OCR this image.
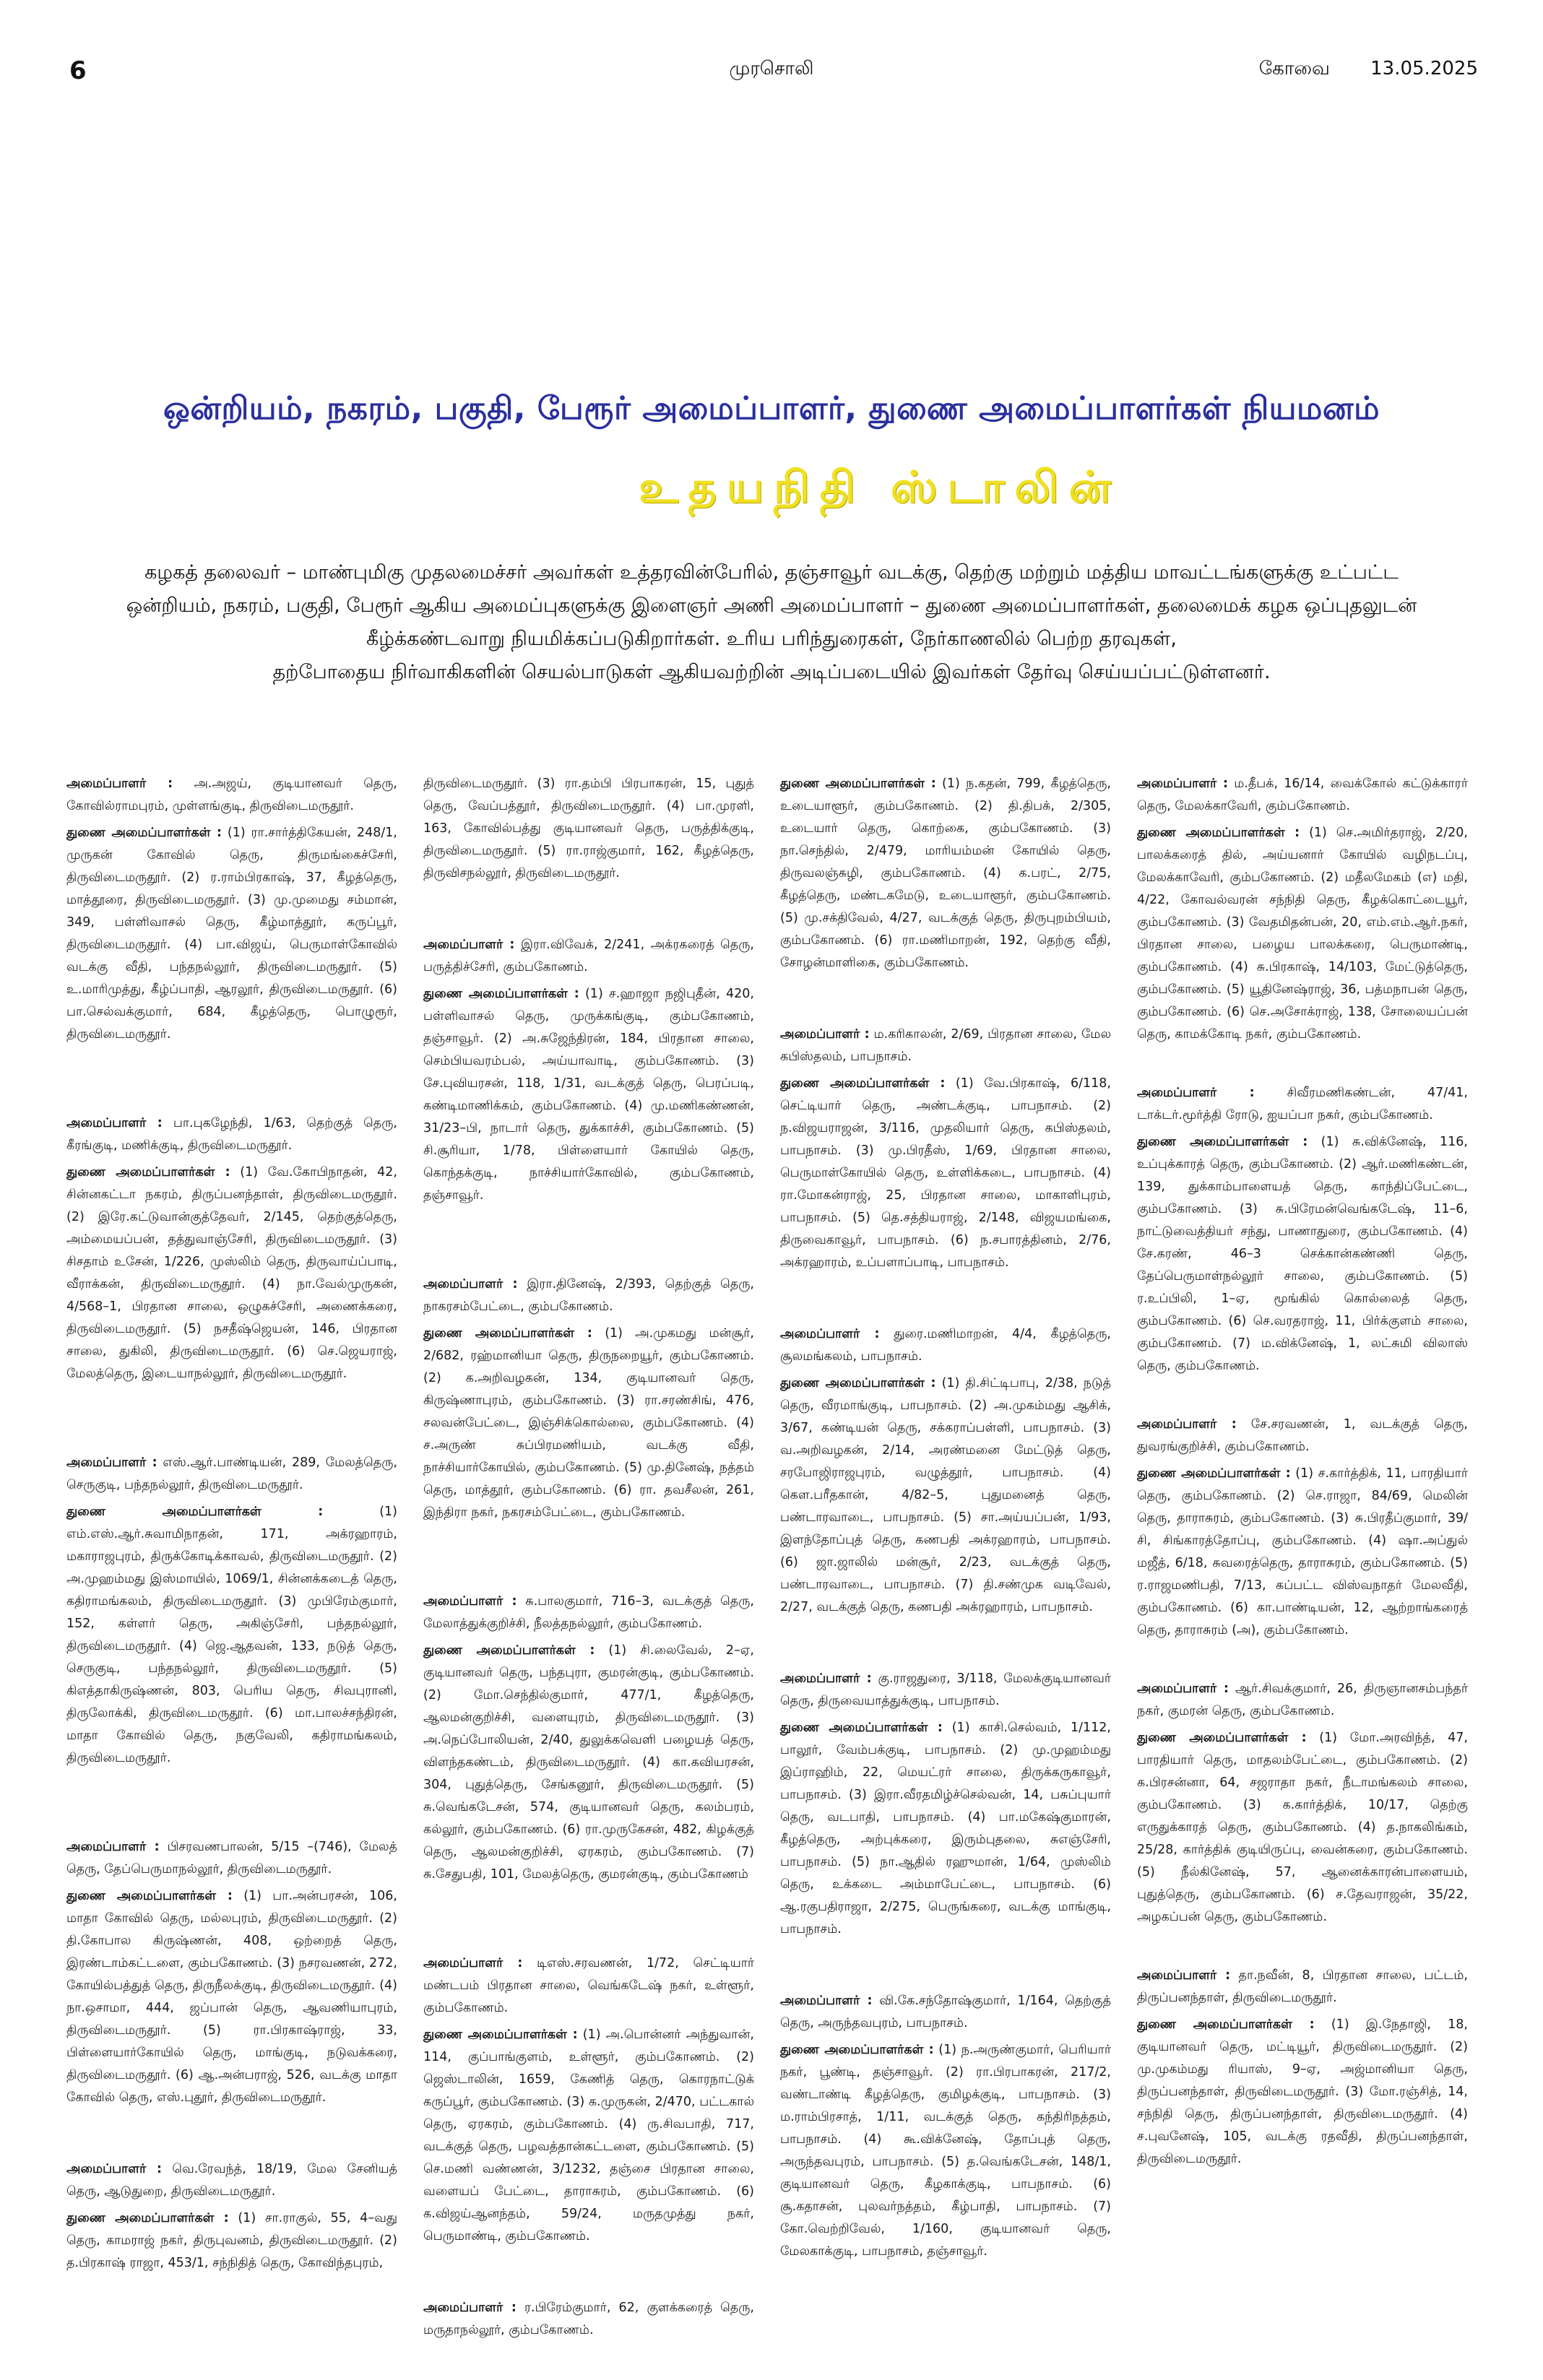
6	முரசொலி	கோவை 13.05.2025
ஒன்றியம், நகரம், பகுதி, பேரூர் அமைப்பாளர், துணை அமைப்பாளர்கள் நியமனம்
உதயநிதி ஸ்டாலின்

கழகத் தலைவர் – மாண்புமிகு முதலமைச்சர் அவர்கள் உத்தரவின்பேரில், தஞ்சாவூர் வடக்கு, தெற்கு மற்றும் மத்திய மாவட்டங்களுக்கு உட்பட்ட

ஒன்றியம், நகரம், பகுதி, பேரூர் ஆகிய அமைப்புகளுக்கு இளைஞர் அணி அமைப்பாளர் – துணை அமைப்பாளர்கள், தலைமைக் கழக ஒப்புதலுடன்

கீழ்க்கண்டவாறு நியமிக்கப்படுகிறார்கள். உரிய பரிந்துரைகள், நேர்காணலில் பெற்ற தரவுகள்,

தற்போதைய நிர்வாகிகளின் செயல்பாடுகள் ஆகியவற்றின் அடிப்படையில் இவர்கள் தேர்வு செய்யப்பட்டுள்ளனர்.

அமைப்பாளர் : அ.அஜய், குடியானவர் தெரு, கோவில்ராமபுரம், முள்ளங்குடி, திருவிடைமருதூர்.

துணை அமைப்பாளர்கள் : (1) ரா.சார்த்திகேயன், 248/1, முருகன் கோவில் தெரு, திருமங்கைச்சேரி, திருவிடைமருதூர். (2) ர.ராம்பிரகாஷ், 37, கீழத்தெரு, மாத்தூரை, திருவிடைமருதூர். (3) மு.முமைது சம்மான், 349, பள்ளிவாசல் தெரு, கீழ்மாத்தூர், கருப்பூர், திருவிடைமருதூர். (4) பா.விஜய், பெருமாள்கோவில் வடக்கு வீதி, பந்தநல்லூர், திருவிடைமருதூர். (5) உ.மாரிமுத்து, கீழ்ப்பாதி, ஆரலூர், திருவிடைமருதூர். (6) பா.செல்வக்குமார், 684, கீழத்தெரு, பொழுரூர், திருவிடைமருதூர்.

அமைப்பாளர் : பா.புகழேந்தி, 1/63, தெற்குத் தெரு, கீரங்குடி, மணிக்குடி, திருவிடைமருதூர்.

துணை அமைப்பாளர்கள் : (1) வே.கோபிநாதன், 42, சின்னகட்டா நகரம், திருப்பனந்தாள், திருவிடைமருதூர். (2) இரே.கட்டுவான்குத்தேவர், 2/145, தெற்குத்தெரு, அம்மையப்பன், தத்துவாஞ்சேரி, திருவிடைமருதூர். (3) சிசதாம் உசேன், 1/226, முஸ்லிம் தெரு, திருவாய்ப்பாடி, வீராக்கன், திருவிடைமருதூர். (4) நா.வேல்முருகன், 4/568–1, பிரதான சாலை, ஒழுகச்சேரி, அணைக்கரை, திருவிடைமருதூர். (5) நசதீஷ்ஜெயன், 146, பிரதான சாலை, துகிலி, திருவிடைமருதூர். (6) செ.ஜெயராஜ், மேலத்தெரு, இடையாநல்லூர், திருவிடைமருதூர்.

அமைப்பாளர் : எஸ்.ஆர்.பாண்டியன், 289, மேலத்தெரு, செருகுடி, பந்தநல்லூர், திருவிடைமருதூர்.

துணை அமைப்பாளர்கள் :	(1) எம்.எஸ்.ஆர்.சுவாமிநாதன், 171, அக்ரஹாரம், மகாராஜபுரம், திருக்கோடிக்காவல், திருவிடைமருதூர். (2) அ.முஹம்மது இஸ்மாயில், 1069/1, சின்னக்கடைத் தெரு, கதிராமங்கலம், திருவிடைமருதூர். (3) முபிரேம்குமார், 152, கள்ளர் தெரு, அகிஞ்சேரி, பந்தநல்லூர், திருவிடைமருதூர். (4) ஜெ.ஆதவன், 133, நடுத் தெரு, செருகுடி, பந்தநல்லூர், திருவிடைமருதூர். (5) கிஎத்தாகிருஷ்ணன், 803, பெரிய தெரு, சிவபுரானி, திருலோக்கி, திருவிடைமருதூர். (6) மா.பாலச்சந்திரன், மாதா கோவில் தெரு, நகுவேலி, கதிராமங்கலம், திருவிடைமருதூர்.

அமைப்பாளர் : பிசரவணபாலன், 5/15 –(746), மேலத் தெரு, தேப்பெருமாநல்லூர், திருவிடைமருதூர்.

துணை அமைப்பாளர்கள் : (1) பா.அன்பரசன், 106, மாதா கோவில் தெரு, மல்லபுரம், திருவிடைமருதூர். (2) தி.கோபால கிருஷ்ணன், 408, ஒற்றைத் தெரு, இரண்டாம்கட்டளை, கும்பகோணம். (3) நசரவணன், 272, கோயில்பத்துத் தெரு, திருநீலக்குடி, திருவிடைமருதூர். (4) நா.ஒசாமா, 444, ஜப்பான் தெரு, ஆவணியாபுரம், திருவிடைமருதூர். (5) ரா.பிரகாஷ்ராஜ், 33, பிள்ளையார்கோயில் தெரு, மாங்குடி, நடுவக்கரை, திருவிடைமருதூர். (6) ஆ.அன்பராஜ், 526, வடக்கு மாதா கோவில் தெரு, எஸ்.புதூர், திருவிடைமருதூர்.

அமைப்பாளர் : வெ.ரேவந்த், 18/19, மேல சேனியத் தெரு, ஆடுதுறை, திருவிடைமருதூர்.

துணை அமைப்பாளர்கள் : (1) சா.ராகுல், 55, 4–வது தெரு, காமராஜ் நகர், திருபுவனம், திருவிடைமருதூர். (2) த.பிரகாஷ் ராஜா, 453/1, சந்நிதித் தெரு, கோவிந்தபுரம்,

திருவிடைமருதூர். (3) ரா.தம்பி பிரபாகரன், 15, புதுத் தெரு, வேப்பத்தூர், திருவிடைமருதூர். (4) பா.முரளி, 163, கோவில்பத்து குடியானவர் தெரு, பருத்திக்குடி, திருவிடைமருதூர். (5) ரா.ராஜ்குமார், 162, கீழத்தெரு, திருவிசநல்லூர், திருவிடைமருதூர்.

அமைப்பாளர் : இரா.விவேக், 2/241, அக்ரகரைத் தெரு, பருத்திச்சேரி, கும்பகோணம்.

துணை அமைப்பாளர்கள் : (1) ச.ஹாஜா நஜிபுதீன், 420, பள்ளிவாசல் தெரு, முருக்கங்குடி, கும்பகோணம், தஞ்சாவூர். (2) அ.சுஜேந்திரன், 184, பிரதான சாலை, செம்பியவரம்பல், அய்யாவாடி, கும்பகோணம். (3) சே.புவியரசன், 118, 1/31, வடக்குத் தெரு, பெரப்படி, கண்டிமாணிக்கம், கும்பகோணம். (4) மு.மணிகண்ணன், 31/23–பி, நாடார் தெரு, துக்காச்சி, கும்பகோணம். (5) சி.சூரியா, 1/78, பிள்ளையார் கோயில் தெரு, கொந்தக்குடி, நாச்சியார்கோவில், கும்பகோணம், தஞ்சாவூர்.

அமைப்பாளர் : இரா.தினேஷ், 2/393, தெற்குத் தெரு, நாகரசம்பேட்டை, கும்பகோணம்.

துணை அமைப்பாளர்கள் : (1) அ.முகமது மன்சூர், 2/682, ரஹ்மானியா தெரு, திருநறையூர், கும்பகோணம். (2) க.அறிவழகன், 134, குடியானவர் தெரு, கிருஷ்ணாபுரம், கும்பகோணம். (3) ரா.சரண்சிங், 476, சலவன்பேட்டை, இஞ்சிக்கொல்லை, கும்பகோணம். (4) ச.அருண் சுப்பிரமணியம், வடக்கு வீதி, நாச்சியார்கோயில், கும்பகோணம். (5) மு.தினேஷ், நத்தம் தெரு, மாத்தூர், கும்பகோணம். (6) ரா. தவசீலன், 261, இந்திரா நகர், நகரசம்பேட்டை, கும்பகோணம்.

அமைப்பாளர் : சு.பாலகுமார், 716–3, வடக்குத் தெரு, மேலாத்துக்குறிச்சி, நீலத்தநல்லூர், கும்பகோணம்.

துணை அமைப்பாளர்கள் : (1) சி.லைவேல், 2–ஏ, குடியானவர் தெரு, பந்தபுரா, குமரன்குடி, கும்பகோணம். (2) மோ.செந்தில்குமார், 477/1, கீழத்தெரு, ஆலமன்குறிச்சி, வளையுரம், திருவிடைமருதூர். (3) அ.நெப்போலியன், 2/40, துலுக்கவெளி பழையத் தெரு, விளந்தகண்டம், திருவிடைமருதூர். (4) கா.கவியரசன், 304, புதுத்தெரு, சேங்கனூர், திருவிடைமருதூர். (5) சு.வெங்கடேசன், 574, குடியானவர் தெரு, கலம்பரம், கல்லூர், கும்பகோணம். (6) ரா.முருகேசன், 482, கிழக்குத் தெரு, ஆலமன்குறிச்சி, ஏரகரம், கும்பகோணம். (7) சு.சேதுபதி, 101, மேலத்தெரு, குமரன்குடி, கும்பகோணம்

அமைப்பாளர் : டிஎஸ்.சரவணன், 1/72, செட்டியார் மண்டபம் பிரதான சாலை, வெங்கடேஷ் நகர், உள்ளூர், கும்பகோணம்.

துணை அமைப்பாளர்கள் : (1) அ.பொன்னர் அந்துவான், 114, குப்பாங்குளம், உள்ளூர், கும்பகோணம். (2) ஜெஸ்டாலின், 1659, கேணித் தெரு, கொரநாட்டுக் கருப்பூர், கும்பகோணம். (3) க.முருகன், 2/470, பட்டகால் தெரு, ஏரகரம், கும்பகோணம். (4) ரு.சிவபாதி, 717, வடக்குத் தெரு, பழவத்தான்கட்டளை, கும்பகோணம். (5) செ.மணி வண்ணன், 3/1232, தஞ்சை பிரதான சாலை, வளையப் பேட்டை, தாராசுரம், கும்பகோணம். (6) க.விஜய்ஆனந்தம், 59/24, மருதமுத்து நகர், பெருமாண்டி, கும்பகோணம்.

அமைப்பாளர் : ர.பிரேம்குமார், 62, குளக்கரைத் தெரு, மருதாநல்லூர், கும்பகோணம்.

துணை அமைப்பாளர்கள் : (1) ந.கதன், 799, கீழத்தெரு, உடையாளூர், கும்பகோணம். (2) தி.திபக், 2/305, உடையார் தெரு, கொற்கை, கும்பகோணம். (3) நா.செந்தில், 2/479, மாரியம்மன் கோயில் தெரு, திருவலஞ்சுழி, கும்பகோணம். (4) க.பரட், 2/75, கீழத்தெரு, மண்டகமேடு, உடையாளூர், கும்பகோணம். (5) மு.சக்திவேல், 4/27, வடக்குத் தெரு, திருபுறம்பியம், கும்பகோணம். (6) ரா.மணிமாறன், 192, தெற்கு வீதி, சோழன்மாளிகை, கும்பகோணம்.

அமைப்பாளர் : ம.கரிகாலன், 2/69, பிரதான சாலை, மேல கபிஸ்தலம், பாபநாசம்.

துணை அமைப்பாளர்கள் : (1) வே.பிரகாஷ், 6/118, செட்டியார் தெரு, அண்டக்குடி, பாபநாசம். (2) ந.விஜயராஜன், 3/116, முதலியார் தெரு, கபிஸ்தலம், பாபநாசம். (3) மு.பிரதீஸ், 1/69, பிரதான சாலை, பெருமாள்கோயில் தெரு, உள்ளிக்கடை, பாபநாசம். (4) ரா.மோகன்ராஜ், 25, பிரதான சாலை, மாகாளிபுரம், பாபநாசம். (5) தெ.சத்தியராஜ், 2/148, விஜயமங்கை, திருவைகாவூர், பாபநாசம். (6) ந.சபாரத்தினம், 2/76, அக்ரஹாரம், உப்பளாப்பாடி, பாபநாசம்.

அமைப்பாளர் : துரை.மணிமாறன், 4/4, கீழத்தெரு, சூலமங்கலம், பாபநாசம்.

துணை அமைப்பாளர்கள் : (1) தி.சிட்டிபாபு, 2/38, நடுத் தெரு, வீரமாங்குடி, பாபநாசம். (2) அ.முகம்மது ஆசிக், 3/67, கண்டியன் தெரு, சக்கராப்பள்ளி, பாபநாசம். (3) வ.அறிவழகன், 2/14, அரண்மனை மேட்டுத் தெரு, சரபோஜிராஜபுரம், வழுத்தூர், பாபநாசம். (4) கௌ.பரீதகான், 4/82–5, புதுமனைத் தெரு, பண்டாரவாடை, பாபநாசம். (5) சா.அய்யப்பன், 1/93, இளந்தோப்புத் தெரு, கணபதி அக்ரஹாரம், பாபநாசம். (6) ஜா.ஜாலில் மன்சூர், 2/23, வடக்குத் தெரு, பண்டாரவாடை, பாபநாசம். (7) தி.சண்முக வடிவேல், 2/27, வடக்குத் தெரு, கணபதி அக்ரஹாரம், பாபநாசம்.

அமைப்பாளர் : கு.ராஜதுரை, 3/118, மேலக்குடியானவர் தெரு, திருவையாத்துக்குடி, பாபநாசம்.

துணை அமைப்பாளர்கள் : (1) காசி.செல்வம், 1/112, பாலூர், வேம்பக்குடி, பாபநாசம். (2) மு.முஹம்மது இப்ராஹிம், 22, மெயட்ரர் சாலை, திருக்கருகாவூர், பாபநாசம். (3) இரா.வீரதமிழ்ச்செல்வன், 14, பசுப்புயார் தெரு, வடபாதி, பாபநாசம். (4) பா.மகேஷ்குமாரன், கீழத்தெரு, அற்புக்கரை, இரும்புதலை, சுஎஞ்சேரி, பாபநாசம். (5) நா.ஆதில் ரஹுமான், 1/64, முஸ்லிம் தெரு, உக்கடை அம்மாபேட்டை, பாபநாசம். (6) ஆ.ரகுபதிராஜா, 2/275, பெருங்கரை, வடக்கு மாங்குடி, பாபநாசம்.

அமைப்பாளர் : வி.கே.சந்தோஷ்குமார், 1/164, தெற்குத் தெரு, அருந்தவபுரம், பாபநாசம்.

துணை அமைப்பாளர்கள் : (1) ந.அருண்குமார், பெரியார் நகர், பூண்டி, தஞ்சாவூர். (2) ரா.பிரபாகரன், 217/2, வண்டாண்டி கீழத்தெரு, குமிழக்குடி, பாபநாசம். (3) ம.ராம்பிரசாத், 1/11, வடக்குத் தெரு, கந்திரிநத்தம், பாபநாசம். (4) கூ.விக்னேஷ், தோப்புத் தெரு, அருந்தவபுரம், பாபநாசம். (5) த.வெங்கடேசன், 148/1, குடியானவர் தெரு, கீழகாக்குடி, பாபநாசம். (6) சூ.கதாசன், புலவர்நத்தம், கீழ்பாதி, பாபநாசம். (7) கோ.வெற்றிவேல், 1/160, குடியானவர் தெரு, மேலகாக்குடி, பாபநாசம், தஞ்சாவூர்.

அமைப்பாளர் : ம.தீபக், 16/14, வைக்கோல் கட்டுக்காரர் தெரு, மேலக்காவேரி, கும்பகோணம்.

துணை அமைப்பாளர்கள் : (1) செ.அமிர்தராஜ், 2/20, பாலக்கரைத் தில், அய்யனார் கோயில் வழிநடப்பு, மேலக்காவேரி, கும்பகோணம். (2) மதீலமேகம் (எ) மதி, 4/22, கோவல்வரன் சந்நிதி தெரு, கீழக்கொட்டையூர், கும்பகோணம். (3) வேதமிதன்பன், 20, எம்.எம்.ஆர்.நகர், பிரதான சாலை, பழைய பாலக்கரை, பெருமாண்டி, கும்பகோணம். (4) சு.பிரகாஷ், 14/103, மேட்டுத்தெரு, கும்பகோணம். (5) யூதினேஷ்ராஜ், 36, பத்மநாபன் தெரு, கும்பகோணம். (6) செ.அசோக்ராஜ், 138, சோலையப்பன் தெரு, காமக்கோடி நகர், கும்பகோணம்.

அமைப்பாளர் :	சிவீரமணிகண்டன், 47/41, டாக்டர்.மூர்த்தி ரோடு, ஐயப்பா நகர், கும்பகோணம்.

துணை அமைப்பாளர்கள் : (1) சு.விக்னேஷ், 116, உப்புக்காரத் தெரு, கும்பகோணம். (2) ஆர்.மணிகண்டன், 139, துக்காம்பாளையத் தெரு, காந்திப்பேட்டை, கும்பகோணம். (3) சு.பிரேமன்வெங்கடேஷ், 11–6, நாட்டுவைத்தியர் சந்து, பாணாதுரை, கும்பகோணம். (4) சே.கரண், 46–3 செக்கான்கண்ணி தெரு, தேப்பெருமாள்நல்லூர் சாலை, கும்பகோணம். (5) ர.உப்பிலி, 1–ஏ, மூங்கில் கொல்லைத் தெரு, கும்பகோணம். (6) செ.வரதராஜ், 11, பிர்க்குளம் சாலை, கும்பகோணம். (7) ம.விக்னேஷ், 1, லட்சுமி விலாஸ் தெரு, கும்பகோணம்.

அமைப்பாளர் : சே.சரவணன், 1, வடக்குத் தெரு, துவரங்குறிச்சி, கும்பகோணம்.

துணை அமைப்பாளர்கள் : (1) ச.கார்த்திக், 11, பாரதியார் தெரு, கும்பகோணம். (2) செ.ராஜா, 84/69, மெலின் தெரு, தாராசுரம், கும்பகோணம். (3) சு.பிரதீப்குமார், 39/சி, சிங்காரத்தோப்பு, கும்பகோணம். (4) ஷா.அப்துல் மஜீத், 6/18, சுவரைத்தெரு, தாராசுரம், கும்பகோணம். (5) ர.ராஜமணிபதி, 7/13, கப்பட்ட விஸ்வநாதர் மேலவீதி, கும்பகோணம். (6) கா.பாண்டியன், 12, ஆற்றாங்கரைத் தெரு, தாராசுரம் (அ), கும்பகோணம்.

அமைப்பாளர் : ஆர்.சிவக்குமார், 26, திருஞானசம்பந்தர் நகர், குமரன் தெரு, கும்பகோணம்.

துணை அமைப்பாளர்கள் : (1) மோ.அரவிந்த், 47, பாரதியார் தெரு, மாதலம்பேட்டை, கும்பகோணம். (2) க.பிரசன்னா, 64, சஜராதா நகர், நீடாமங்கலம் சாலை, கும்பகோணம். (3) க.கார்த்திக், 10/17, தெற்கு எருதுக்காரத் தெரு, கும்பகோணம். (4) த.நாகலிங்கம், 25/28, கார்த்திக் குடியிருப்பு, வைன்கரை, கும்பகோணம். (5) நீல்கினேஷ், 57, ஆனைக்காரன்பாளையம், புதுத்தெரு, கும்பகோணம். (6) ச.தேவராஜன், 35/22, அழகப்பன் தெரு, கும்பகோணம்.

அமைப்பாளர் : தா.நவீன், 8, பிரதான சாலை, பட்டம், திருப்பனந்தாள், திருவிடைமருதூர்.

துணை அமைப்பாளர்கள் : (1) இ.நேதாஜி, 18, குடியானவர் தெரு, மட்டியூர், திருவிடைமருதூர். (2) மு.முகம்மது ரியாஸ், 9–ஏ, அஜ்மானியா தெரு, திருப்பனந்தாள், திருவிடைமருதூர். (3) மோ.ரஞ்சித், 14, சந்நிதி தெரு, திருப்பனந்தாள், திருவிடைமருதூர். (4) ச.புவனேஷ், 105, வடக்கு ரதவீதி, திருப்பனந்தாள், திருவிடைமருதூர்.
